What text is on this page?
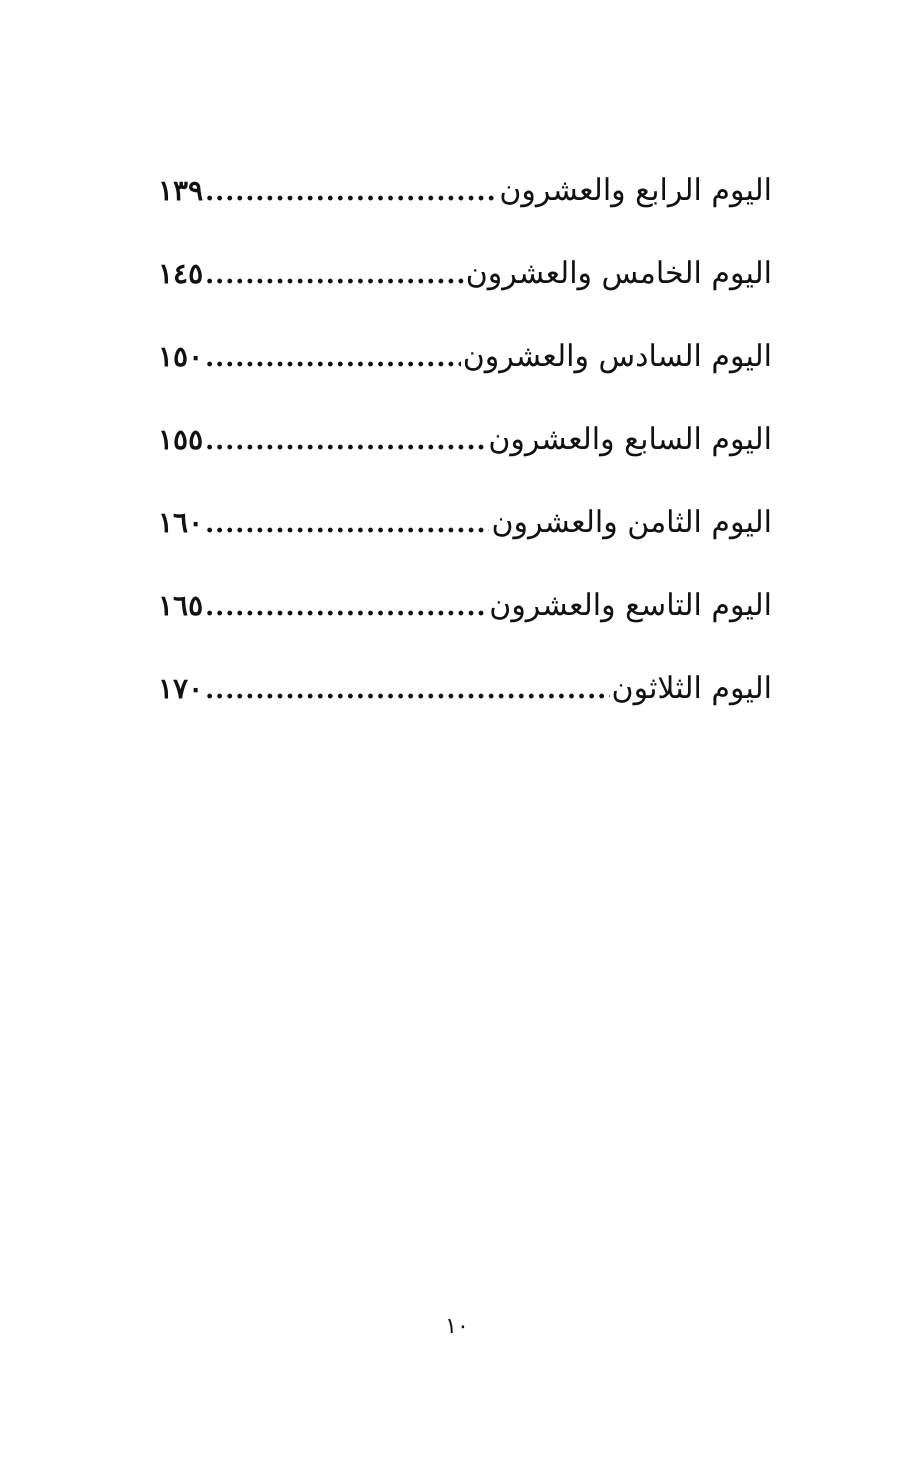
اليوم الرابع والعشرون
.....
١٣٩
اليوم الخامس والعشرون
.....
١٤٥
اليوم السادس والعشرون
.....
١٥٠
اليوم السابع والعشرون
.....
١٥٥
اليوم الثامن والعشرون
.....
١٦٠
اليوم التاسع والعشرون
.....
١٦٥
اليوم الثلاثون
.....
١٧٠
١٠
